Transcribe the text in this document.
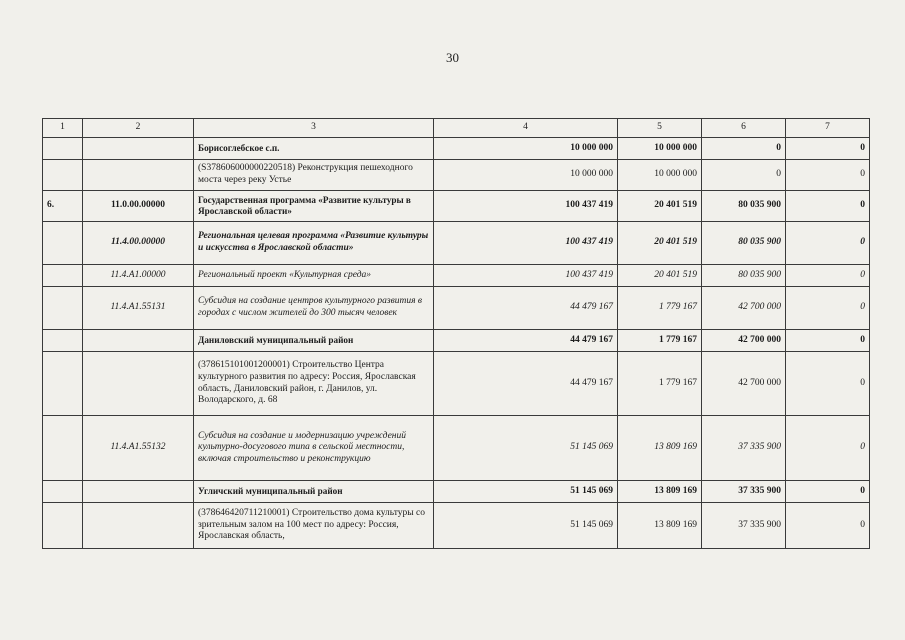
30
1	2	3	4	5	6	7
		Борисоглебское с.п.	10 000 000	10 000 000	0	0
		(S378606000000220518) Реконструкция пешеходного моста через реку Устье	10 000 000	10 000 000	0	0
6.	11.0.00.00000	Государственная программа «Развитие культуры в Ярославской области»	100 437 419	20 401 519	80 035 900	0
	11.4.00.00000	Региональная целевая программа «Развитие культуры и искусства в Ярославской области»	100 437 419	20 401 519	80 035 900	0
	11.4.A1.00000	Региональный проект «Культурная среда»	100 437 419	20 401 519	80 035 900	0
	11.4.A1.55131	Субсидия на создание центров культурного развития в городах с числом жителей до 300 тысяч человек	44 479 167	1 779 167	42 700 000	0
		Даниловский муниципальный район	44 479 167	1 779 167	42 700 000	0
		(378615101001200001) Строительство Центра культурного развития по адресу: Россия, Ярославская область, Даниловский район, г. Данилов, ул. Володарского, д. 68	44 479 167	1 779 167	42 700 000	0
	11.4.A1.55132	Субсидия на создание и модернизацию учреждений культурно-досугового типа в сельской местности, включая строительство и реконструкцию	51 145 069	13 809 169	37 335 900	0
		Угличский муниципальный район	51 145 069	13 809 169	37 335 900	0
		(378646420711210001) Строительство дома культуры со зрительным залом на 100 мест по адресу: Россия, Ярославская область,	51 145 069	13 809 169	37 335 900	0
